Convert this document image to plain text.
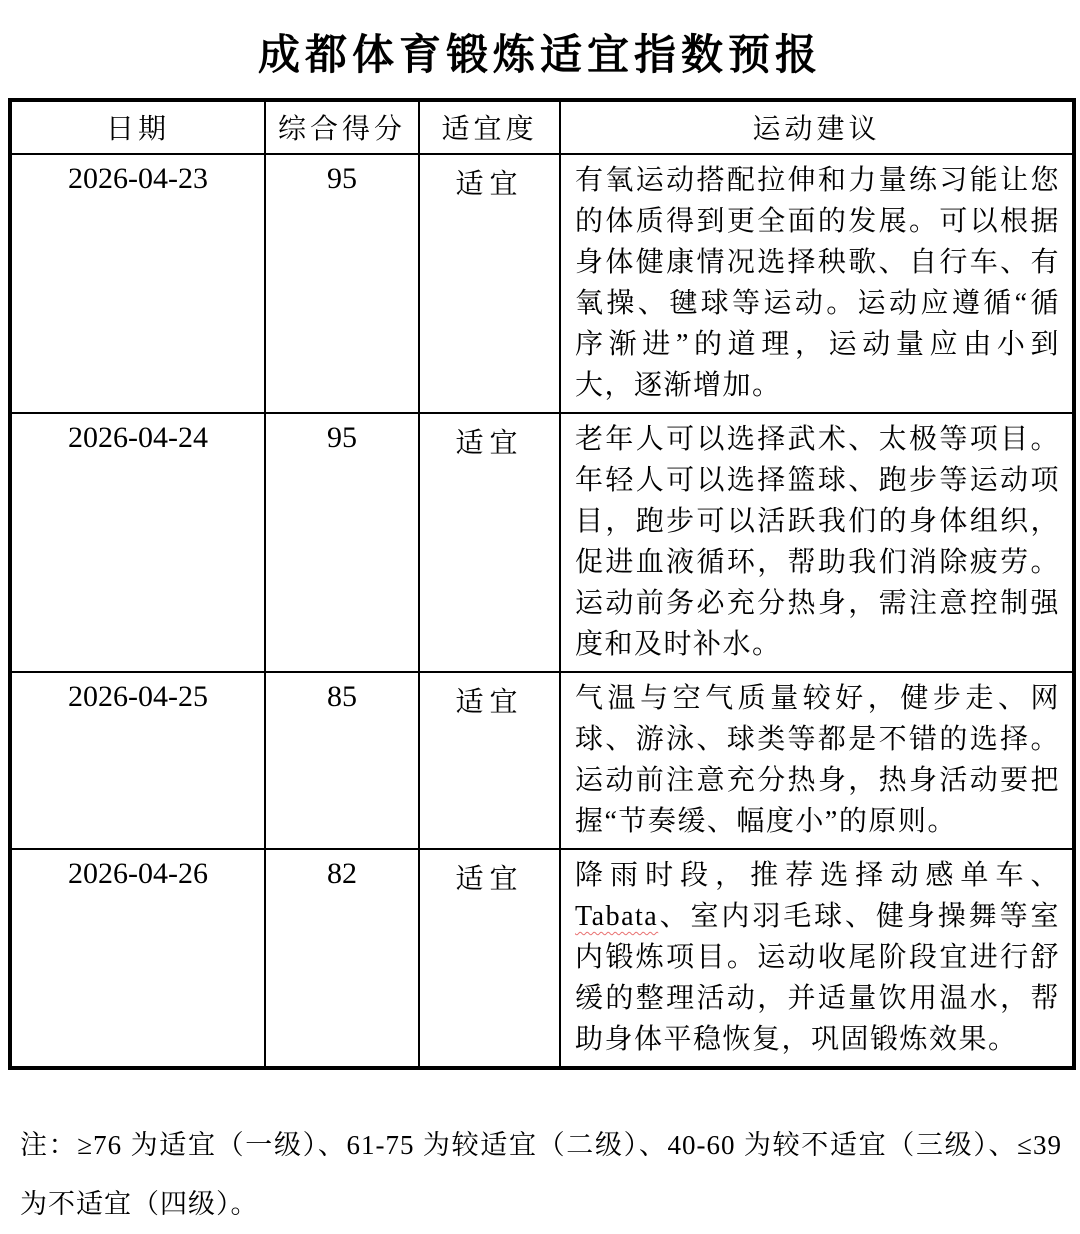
成都体育锻炼适宜指数预报
日期	综合得分	适宜度	运动建议
2026-04-23	95	适宜	有氧运动搭配拉伸和力量练习能让您的体质得到更全面的发展。可以根据身体健康情况选择秧歌、自行车、有氧操、毽球等运动。运动应遵循“循序渐进”的道理，运动量应由小到大，逐渐增加。
2026-04-24	95	适宜	老年人可以选择武术、太极等项目。年轻人可以选择篮球、跑步等运动项目，跑步可以活跃我们的身体组织，促进血液循环，帮助我们消除疲劳。运动前务必充分热身，需注意控制强度和及时补水。
2026-04-25	85	适宜	气温与空气质量较好，健步走、网球、游泳、球类等都是不错的选择。运动前注意充分热身，热身活动要把握“节奏缓、幅度小”的原则。
2026-04-26	82	适宜	降雨时段，推荐选择动感单车、Tabata、室内羽毛球、健身操舞等室内锻炼项目。运动收尾阶段宜进行舒缓的整理活动，并适量饮用温水，帮助身体平稳恢复，巩固锻炼效果。

注：≥76 为适宜（一级）、61-75 为较适宜（二级）、40-60 为较不适宜（三级）、≤39 为不适宜（四级）。
